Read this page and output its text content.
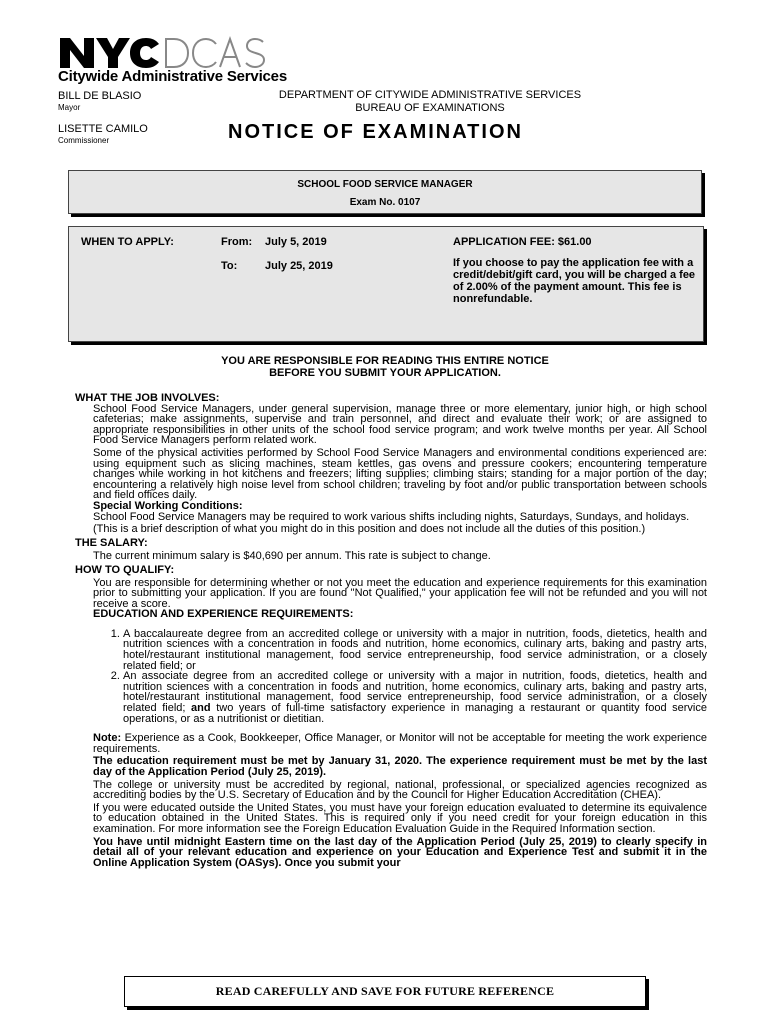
Citywide Administrative Services
BILL DE BLASIO
Mayor
LISETTE CAMILO
Commissioner
DEPARTMENT OF CITYWIDE ADMINISTRATIVE SERVICES
BUREAU OF EXAMINATIONS
NOTICE OF EXAMINATION
SCHOOL FOOD SERVICE MANAGER
Exam No. 0107
WHEN TO APPLY:	From: July 5, 2019
To:	July 25, 2019
APPLICATION FEE: $61.00
If you choose to pay the application fee with a credit/debit/gift card, you will be charged a fee of 2.00% of the payment amount. This fee is nonrefundable.
YOU ARE RESPONSIBLE FOR READING THIS ENTIRE NOTICE
BEFORE YOU SUBMIT YOUR APPLICATION.

WHAT THE JOB INVOLVES:

School Food Service Managers, under general supervision, manage three or more elementary, junior high, or high school cafeterias; make assignments, supervise and train personnel, and direct and evaluate their work; or are assigned to appropriate responsibilities in other units of the school food service program; and work twelve months per year. All School Food Service Managers perform related work.

Some of the physical activities performed by School Food Service Managers and environmental conditions experienced are: using equipment such as slicing machines, steam kettles, gas ovens and pressure cookers; encountering temperature changes while working in hot kitchens and freezers; lifting supplies; climbing stairs; standing for a major portion of the day; encountering a relatively high noise level from school children; traveling by foot and/or public transportation between schools and field offices daily.

Special Working Conditions:

School Food Service Managers may be required to work various shifts including nights, Saturdays, Sundays, and holidays.

(This is a brief description of what you might do in this position and does not include all the duties of this position.)

THE SALARY:

The current minimum salary is $40,690 per annum. This rate is subject to change.

HOW TO QUALIFY:

You are responsible for determining whether or not you meet the education and experience requirements for this examination prior to submitting your application. If you are found "Not Qualified," your application fee will not be refunded and you will not receive a score.

EDUCATION AND EXPERIENCE REQUIREMENTS:

1. A baccalaureate degree from an accredited college or university with a major in nutrition, foods, dietetics, health and nutrition sciences with a concentration in foods and nutrition, home economics, culinary arts, baking and pastry arts, hotel/restaurant institutional management, food service entrepreneurship, food service administration, or a closely related field; or
2. An associate degree from an accredited college or university with a major in nutrition, foods, dietetics, health and nutrition sciences with a concentration in foods and nutrition, home economics, culinary arts, baking and pastry arts, hotel/restaurant institutional management, food service entrepreneurship, food service administration, or a closely related field; and two years of full-time satisfactory experience in managing a restaurant or quantity food service operations, or as a nutritionist or dietitian.

Note: Experience as a Cook, Bookkeeper, Office Manager, or Monitor will not be acceptable for meeting the work experience requirements.

The education requirement must be met by January 31, 2020. The experience requirement must be met by the last day of the Application Period (July 25, 2019).

The college or university must be accredited by regional, national, professional, or specialized agencies recognized as accrediting bodies by the U.S. Secretary of Education and by the Council for Higher Education Accreditation (CHEA).

If you were educated outside the United States, you must have your foreign education evaluated to determine its equivalence to education obtained in the United States. This is required only if you need credit for your foreign education in this examination. For more information see the Foreign Education Evaluation Guide in the Required Information section.

You have until midnight Eastern time on the last day of the Application Period (July 25, 2019) to clearly specify in detail all of your relevant education and experience on your Education and Experience Test and submit it in the Online Application System (OASys). Once you submit your

READ CAREFULLY AND SAVE FOR FUTURE REFERENCE
